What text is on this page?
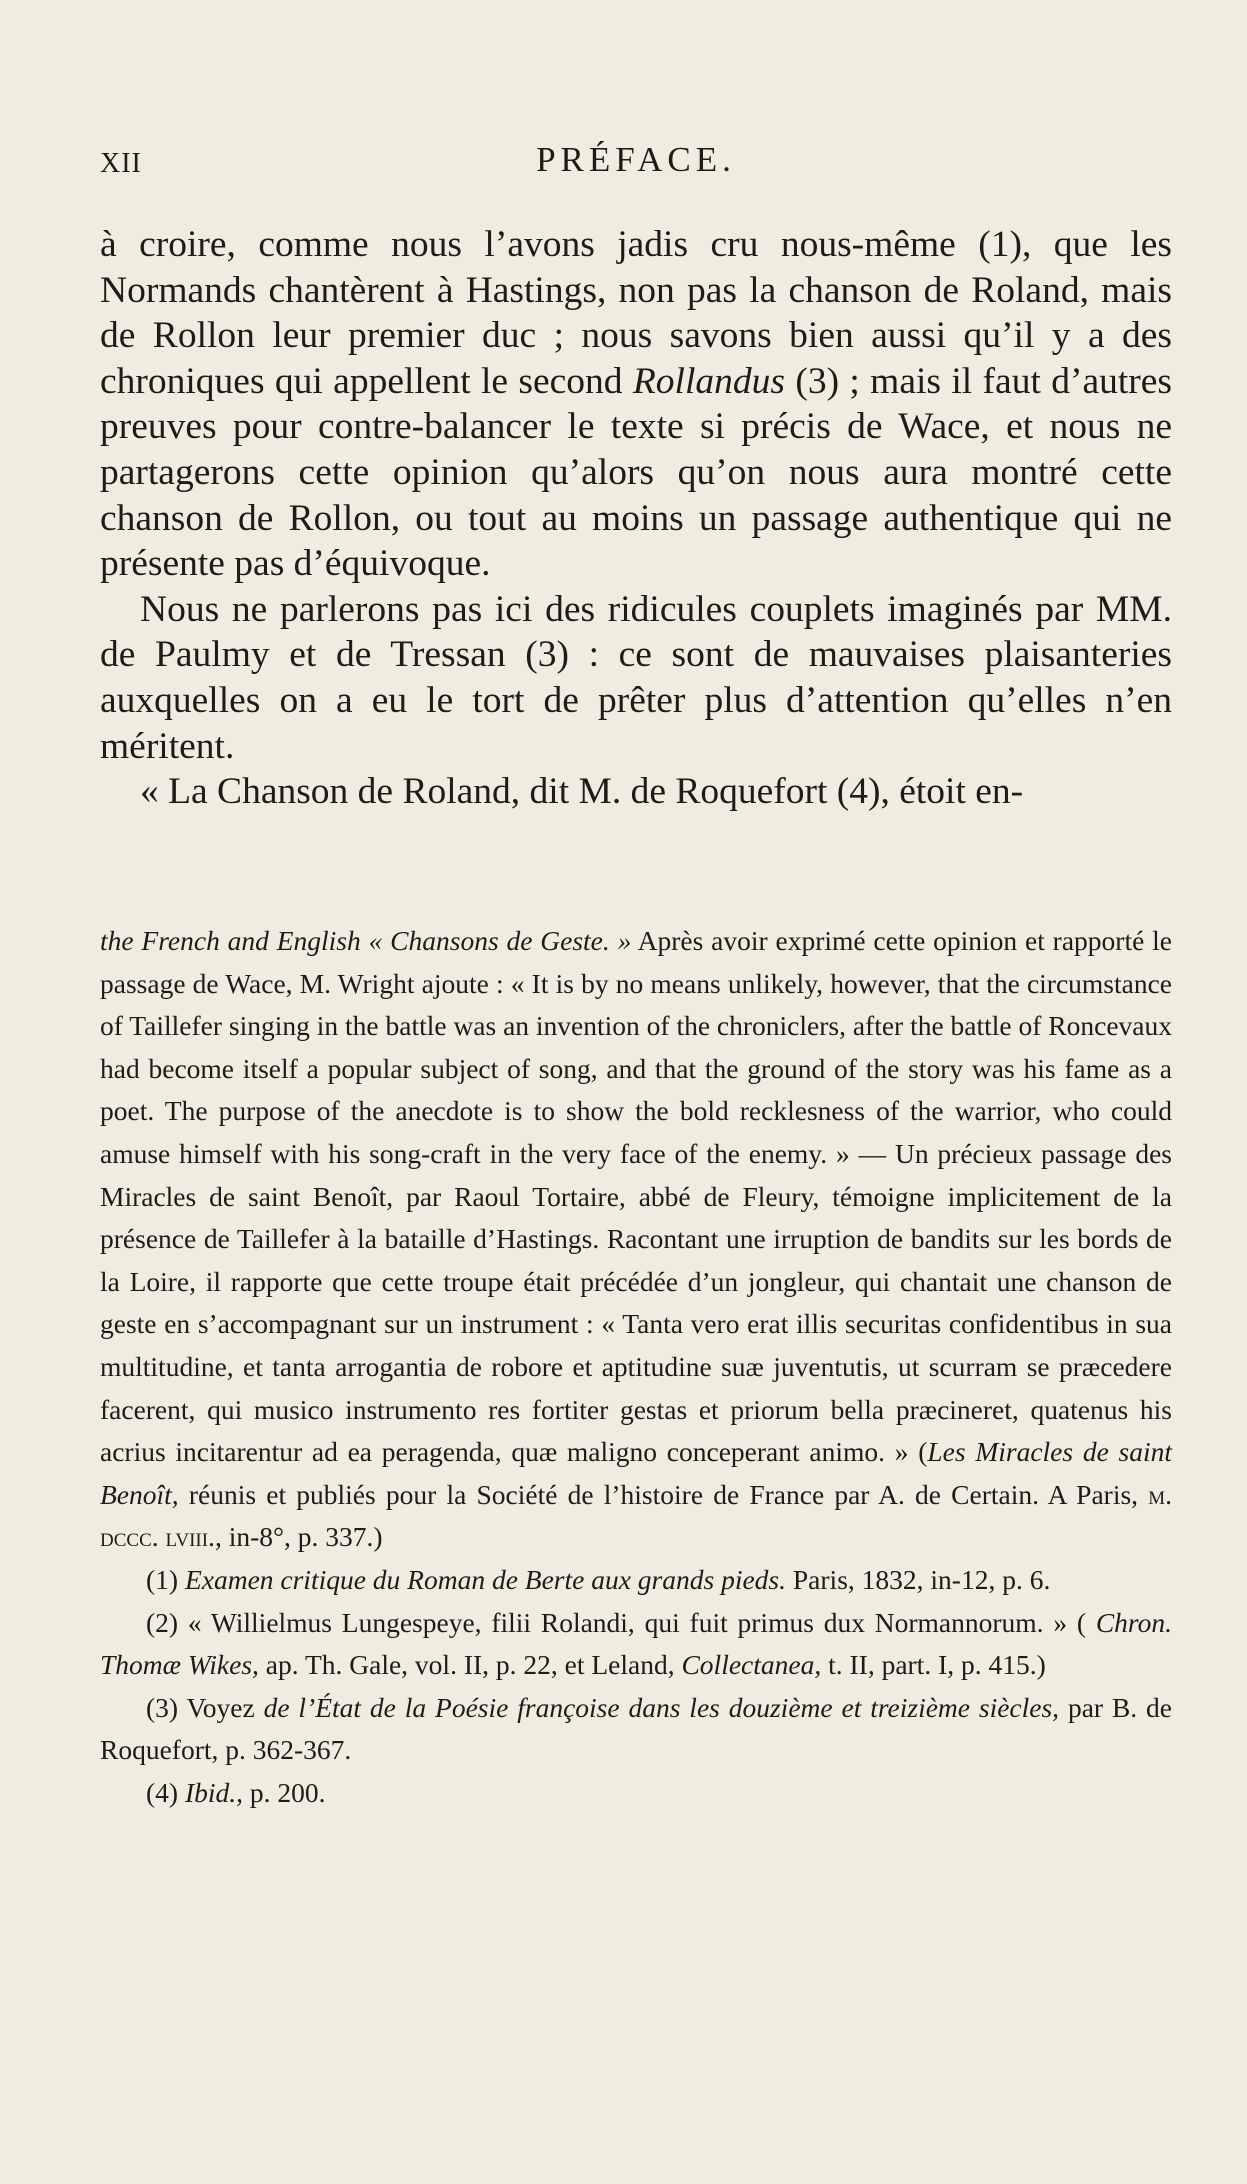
XII	PRÉFACE.

à croire, comme nous l’avons jadis cru nous-même (1), que les Normands chantèrent à Hastings, non pas la chanson de Roland, mais de Rollon leur premier duc ; nous savons bien aussi qu’il y a des chroniques qui appellent le second Rollandus (3) ; mais il faut d’autres preuves pour contre-balancer le texte si précis de Wace, et nous ne partagerons cette opinion qu’alors qu’on nous aura montré cette chanson de Rollon, ou tout au moins un passage authentique qui ne présente pas d’équivoque.

Nous ne parlerons pas ici des ridicules couplets imaginés par MM. de Paulmy et de Tressan (3) : ce sont de mauvaises plaisanteries auxquelles on a eu le tort de prêter plus d’attention qu’elles n’en méritent.

« La Chanson de Roland, dit M. de Roquefort (4), étoit en-

the French and English « Chansons de Geste. » Après avoir exprimé cette opinion et rapporté le passage de Wace, M. Wright ajoute : « It is by no means unlikely, however, that the circumstance of Taillefer singing in the battle was an invention of the chroniclers, after the battle of Roncevaux had become itself a popular subject of song, and that the ground of the story was his fame as a poet. The purpose of the anecdote is to show the bold recklesness of the warrior, who could amuse himself with his song-craft in the very face of the enemy. » — Un précieux passage des Miracles de saint Benoît, par Raoul Tortaire, abbé de Fleury, témoigne implicitement de la présence de Taillefer à la bataille d’Hastings. Racontant une irruption de bandits sur les bords de la Loire, il rapporte que cette troupe était précédée d’un jongleur, qui chantait une chanson de geste en s’accompagnant sur un instrument : « Tanta vero erat illis securitas confidentibus in sua multitudine, et tanta arrogantia de robore et aptitudine suæ juventutis, ut scurram se præcedere facerent, qui musico instrumento res fortiter gestas et priorum bella præcineret, quatenus his acrius incitarentur ad ea peragenda, quæ maligno conceperant animo. » (Les Miracles de saint Benoît, réunis et publiés pour la Société de l’histoire de France par A. de Certain. A Paris, m. dccc. lviii., in-8°, p. 337.)

(1) Examen critique du Roman de Berte aux grands pieds. Paris, 1832, in-12, p. 6.

(2) « Willielmus Lungespeye, filii Rolandi, qui fuit primus dux Normannorum. » ( Chron. Thomæ Wikes, ap. Th. Gale, vol. II, p. 22, et Leland, Collectanea, t. II, part. I, p. 415.)

(3) Voyez de l’État de la Poésie françoise dans les douzième et treizième siècles, par B. de Roquefort, p. 362-367.

(4) Ibid., p. 200.
